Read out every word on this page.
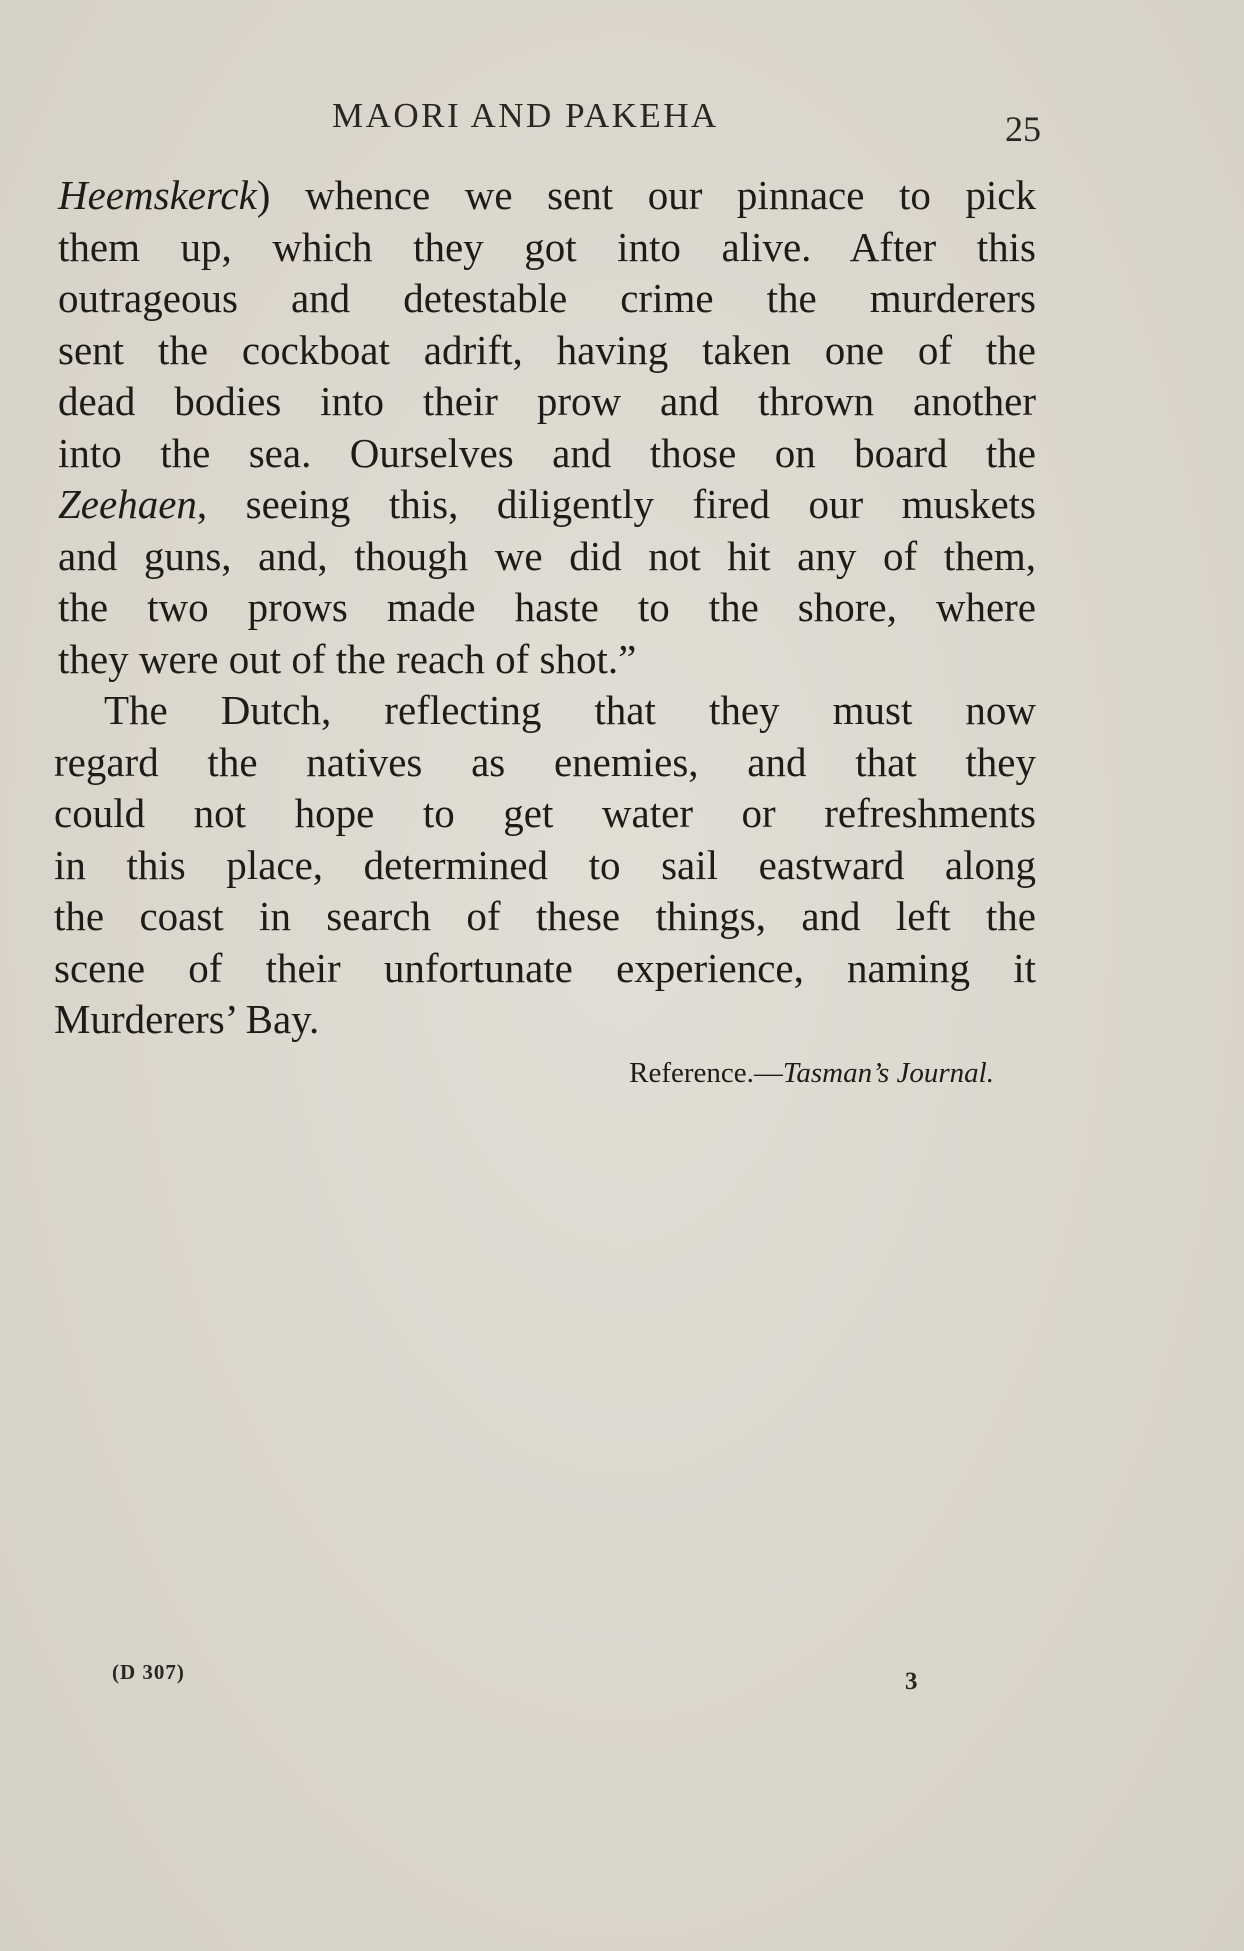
MAORI AND PAKEHA	25
Heemskerck) whence we sent our pinnace to pick
them up, which they got into alive. After this
outrageous and detestable crime the murderers
sent the cockboat adrift, having taken one of the
dead bodies into their prow and thrown another
into the sea. Ourselves and those on board the
Zeehaen, seeing this, diligently fired our muskets
and guns, and, though we did not hit any of them,
the two prows made haste to the shore, where
they were out of the reach of shot.”
The Dutch, reflecting that they must now
regard the natives as enemies, and that they
could not hope to get water or refreshments
in this place, determined to sail eastward along
the coast in search of these things, and left the
scene of their unfortunate experience, naming it
Murderers’ Bay.
Reference.—Tasman’s Journal.
(D 307)	3
